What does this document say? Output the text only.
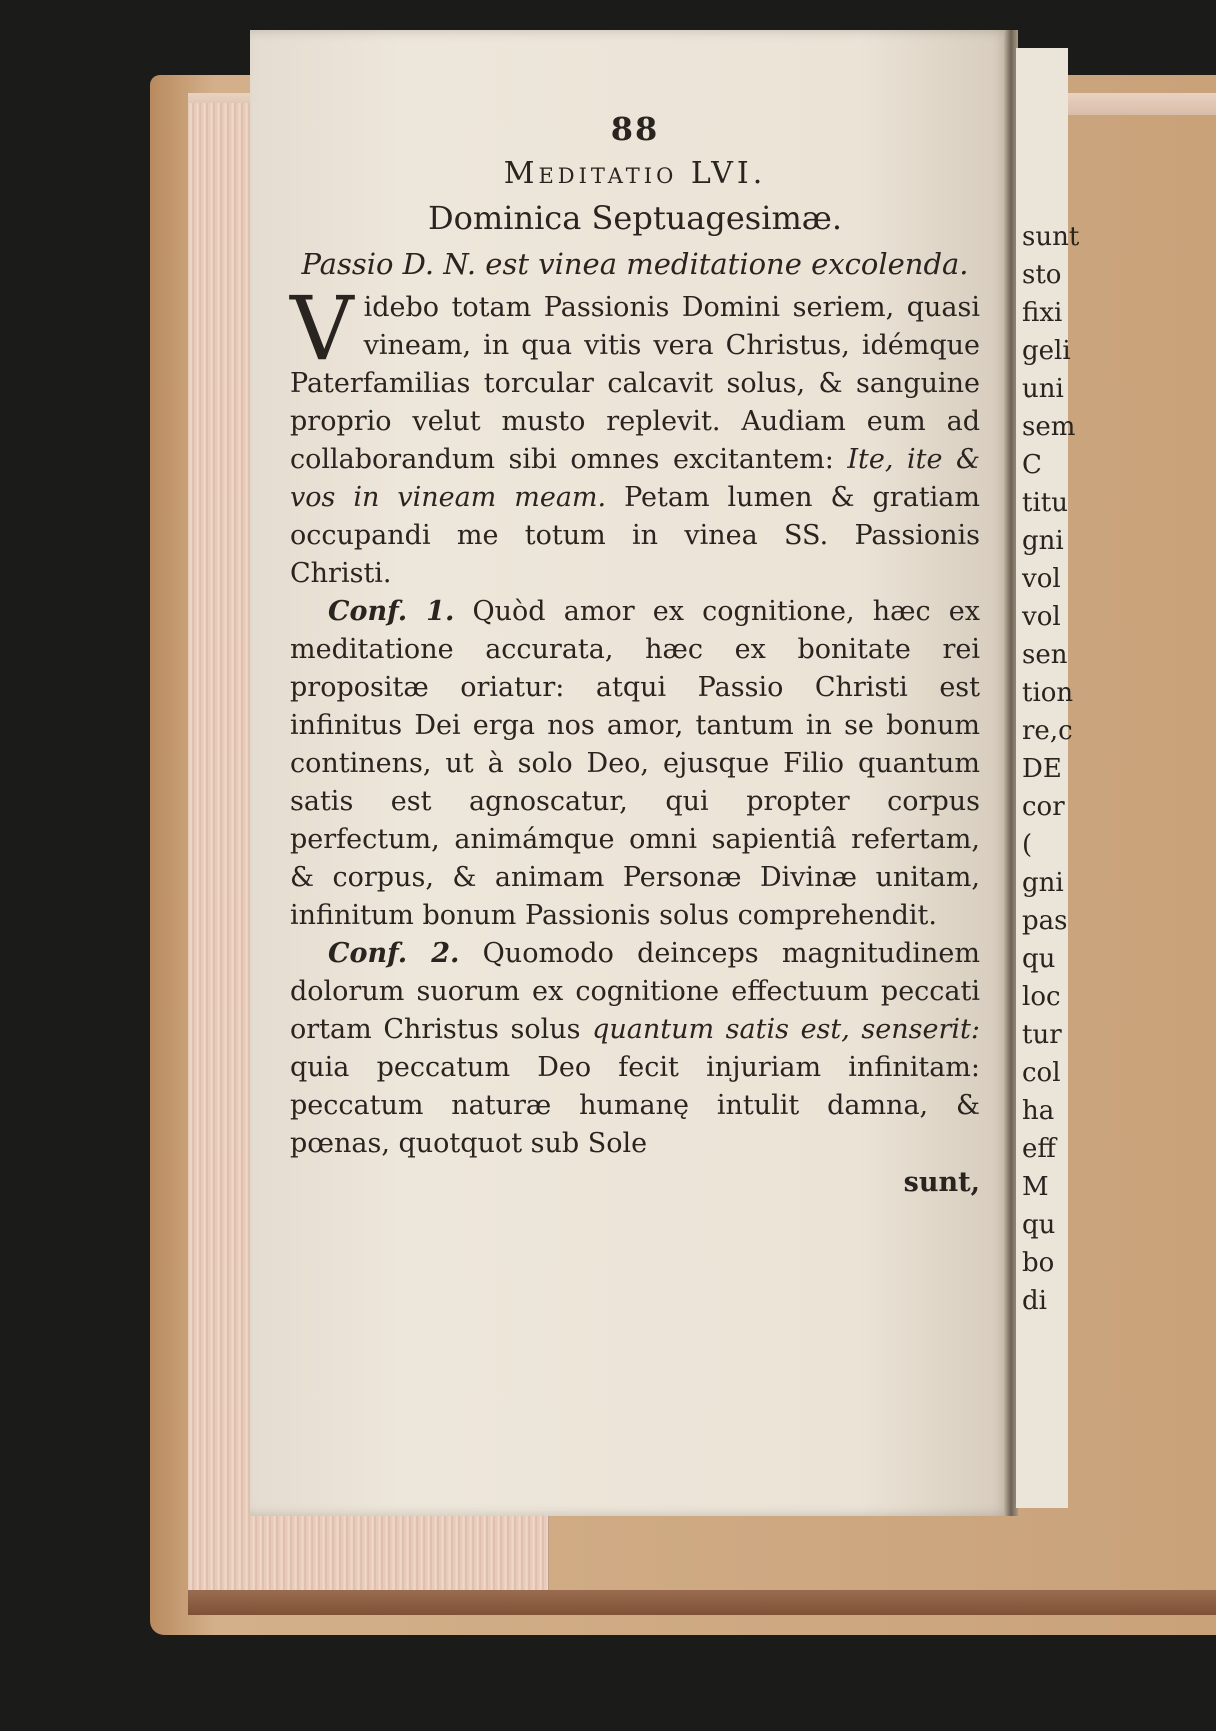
sunt
sto
fixi
geli
uni
sem
C
titu
gni
vol
vol
sen
tion
re,c
DE
cor
(
gni
pas
qu
loc
tur
col
ha
eff
M
qu
bo
di
88
Meditatio LVI.
Dominica Septuagesimæ.
Passio D. N. est vinea meditatione excolenda.

V idebo totam Passionis Domini seriem, quasi vineam, in qua vitis vera Christus, idémque Paterfamilias torcular calcavit solus, & sanguine proprio velut musto replevit. Audiam eum ad collaborandum sibi omnes excitantem: Ite, ite & vos in vineam meam. Petam lumen & gratiam occupandi me totum in vinea SS. Passionis Christi.

Conf. 1. Quòd amor ex cognitione, hæc ex meditatione accurata, hæc ex bonitate rei propositæ oriatur: atqui Passio Christi est infinitus Dei erga nos amor, tantum in se bonum continens, ut à solo Deo, ejusque Filio quantum satis est agnoscatur, qui propter corpus perfectum, animámque omni sapientiâ refertam, & corpus, & animam Personæ Divinæ unitam, infinitum bonum Passionis solus comprehendit.

Conf. 2. Quomodo deinceps magnitudinem dolorum suorum ex cognitione effectuum peccati ortam Christus solus quantum satis est, senserit: quia peccatum Deo fecit injuriam infinitam: peccatum naturæ humanę intulit damna, & pœnas, quotquot sub Sole

sunt,
